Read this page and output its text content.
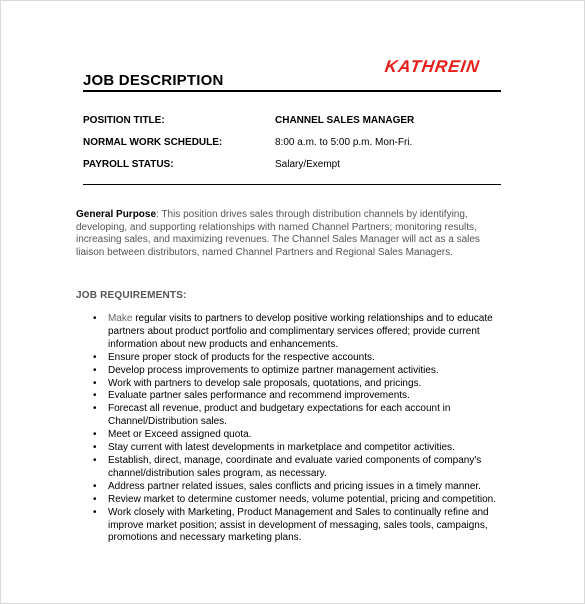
KATHREIN
JOB DESCRIPTION
POSITION TITLE:	CHANNEL SALES MANAGER
NORMAL WORK SCHEDULE:	8:00 a.m. to 5:00 p.m. Mon-Fri.
PAYROLL STATUS:	Salary/Exempt
General Purpose: This position drives sales through distribution channels by identifying, developing, and supporting relationships with named Channel Partners; monitoring results, increasing sales, and maximizing revenues. The Channel Sales Manager will act as a sales liaison between distributors, named Channel Partners and Regional Sales Managers.
JOB REQUIREMENTS:
• Make regular visits to partners to develop positive working relationships and to educate partners about product portfolio and complimentary services offered; provide current information about new products and enhancements.
• Ensure proper stock of products for the respective accounts.
• Develop process improvements to optimize partner management activities.
• Work with partners to develop sale proposals, quotations, and pricings.
• Evaluate partner sales performance and recommend improvements.
• Forecast all revenue, product and budgetary expectations for each account in Channel/Distribution sales.
• Meet or Exceed assigned quota.
• Stay current with latest developments in marketplace and competitor activities.
• Establish, direct, manage, coordinate and evaluate varied components of company's channel/distribution sales program, as necessary.
• Address partner related issues, sales conflicts and pricing issues in a timely manner.
• Review market to determine customer needs, volume potential, pricing and competition.
• Work closely with Marketing, Product Management and Sales to continually refine and improve market position; assist in development of messaging, sales tools, campaigns, promotions and necessary marketing plans.
